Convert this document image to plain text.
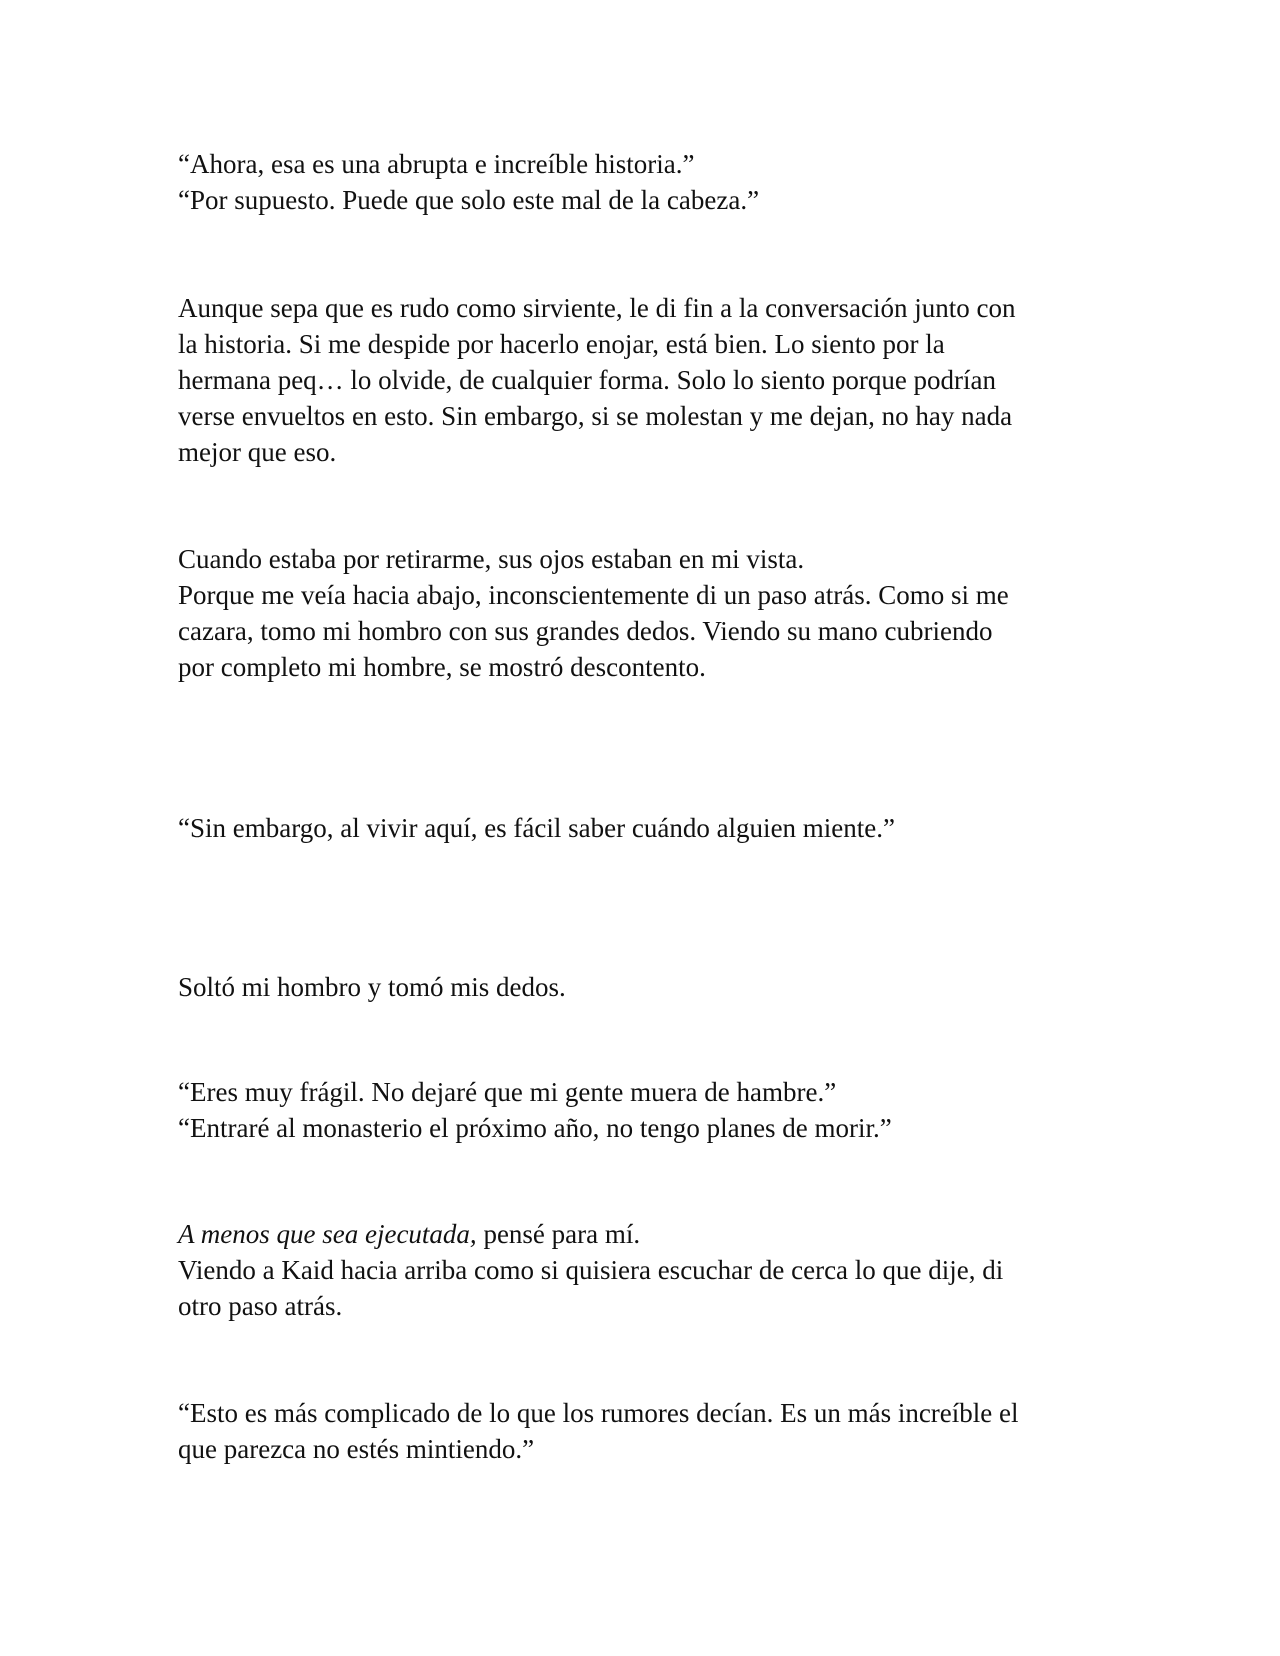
“Ahora, esa es una abrupta e increíble historia.”

“Por supuesto. Puede que solo este mal de la cabeza.”

Aunque sepa que es rudo como sirviente, le di fin a la conversación junto con

la historia. Si me despide por hacerlo enojar, está bien. Lo siento por la

hermana peq… lo olvide, de cualquier forma. Solo lo siento porque podrían

verse envueltos en esto. Sin embargo, si se molestan y me dejan, no hay nada

mejor que eso.

Cuando estaba por retirarme, sus ojos estaban en mi vista.

Porque me veía hacia abajo, inconscientemente di un paso atrás. Como si me

cazara, tomo mi hombro con sus grandes dedos. Viendo su mano cubriendo

por completo mi hombre, se mostró descontento.

“Sin embargo, al vivir aquí, es fácil saber cuándo alguien miente.”

Soltó mi hombro y tomó mis dedos.

“Eres muy frágil. No dejaré que mi gente muera de hambre.”

“Entraré al monasterio el próximo año, no tengo planes de morir.”

A menos que sea ejecutada, pensé para mí.

Viendo a Kaid hacia arriba como si quisiera escuchar de cerca lo que dije, di

otro paso atrás.

“Esto es más complicado de lo que los rumores decían. Es un más increíble el

que parezca no estés mintiendo.”
